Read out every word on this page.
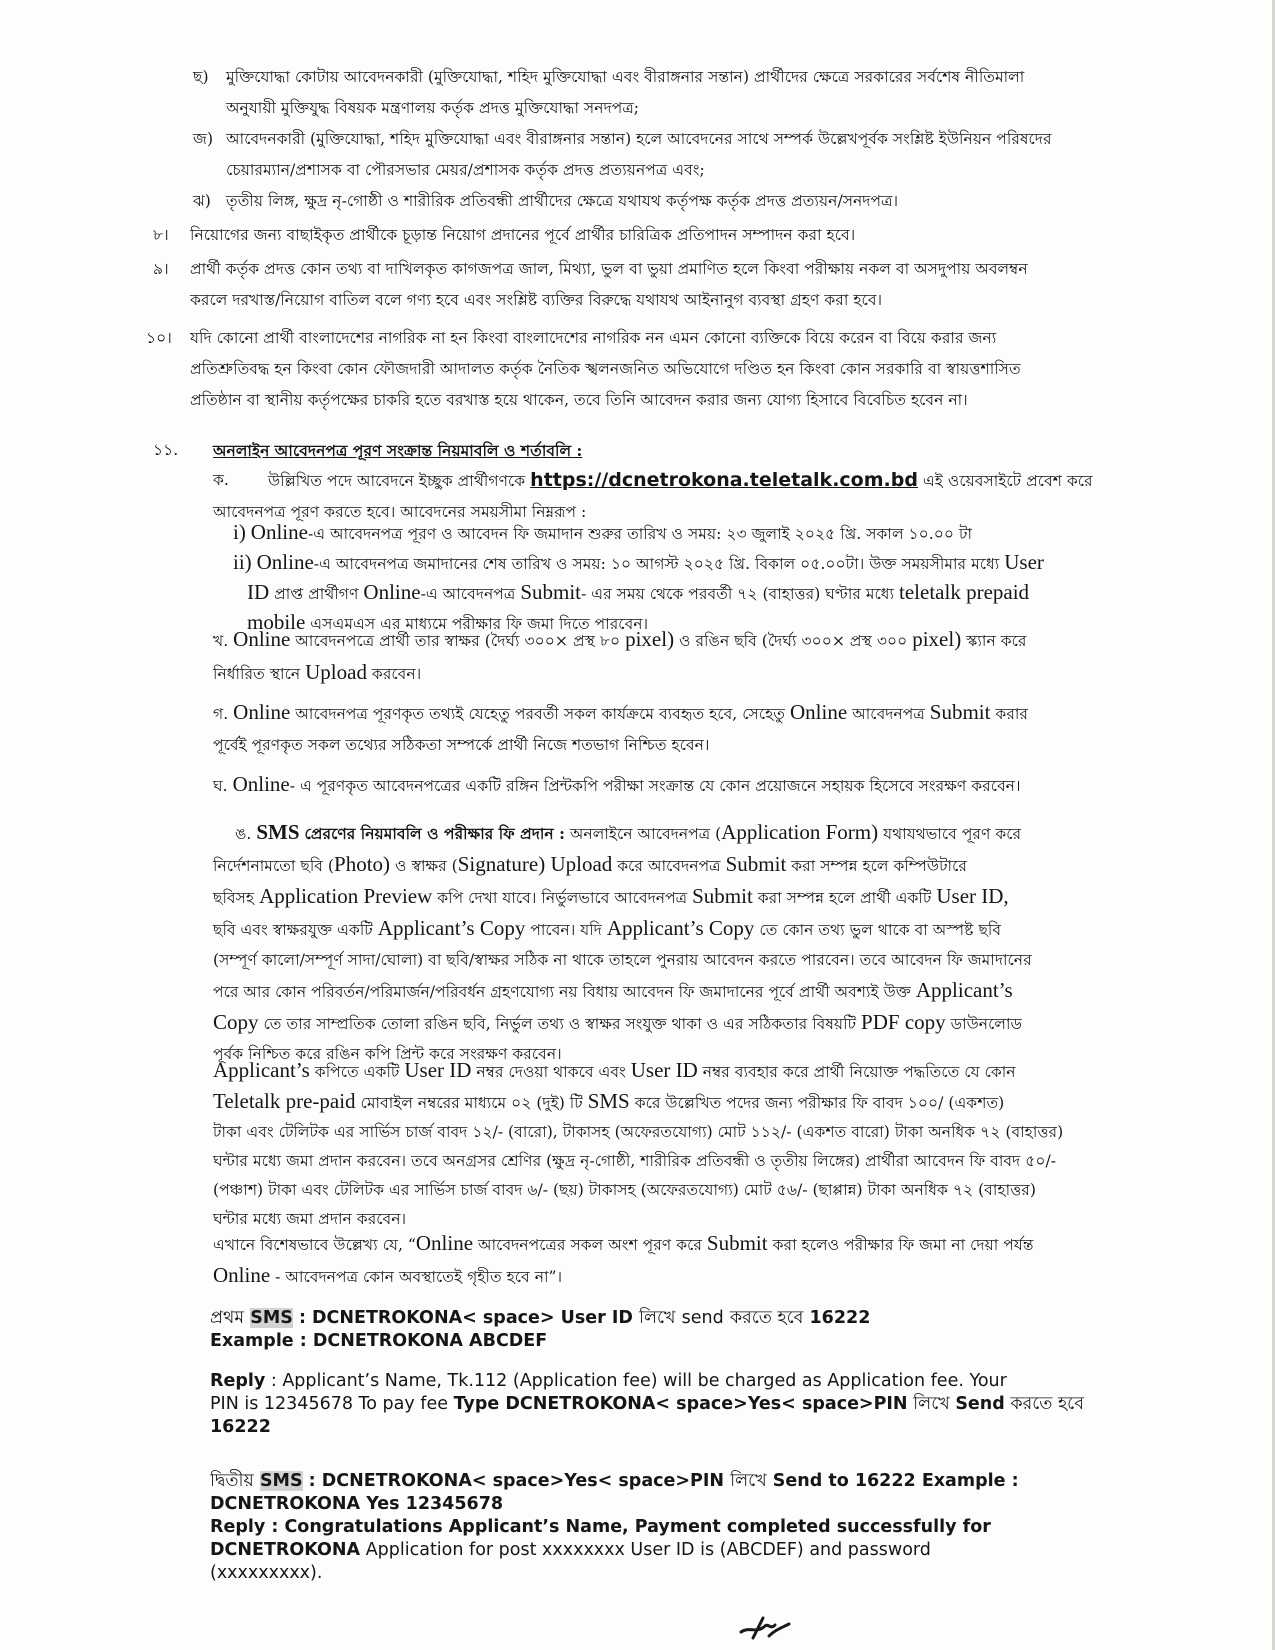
ছ) মুক্তিযোদ্ধা কোটায় আবেদনকারী (মুক্তিযোদ্ধা, শহিদ মুক্তিযোদ্ধা এবং বীরাঙ্গনার সন্তান) প্রার্থীদের ক্ষেত্রে সরকারের সর্বশেষ নীতিমালা
অনুযায়ী মুক্তিযুদ্ধ বিষয়ক মন্ত্রণালয় কর্তৃক প্রদত্ত মুক্তিযোদ্ধা সনদপত্র;
জ) আবেদনকারী (মুক্তিযোদ্ধা, শহিদ মুক্তিযোদ্ধা এবং বীরাঙ্গনার সন্তান) হলে আবেদনের সাথে সম্পর্ক উল্লেখপূর্বক সংশ্লিষ্ট ইউনিয়ন পরিষদের
চেয়ারম্যান/প্রশাসক বা পৌরসভার মেয়র/প্রশাসক কর্তৃক প্রদত্ত প্রত্যয়নপত্র এবং;
ঝ) তৃতীয় লিঙ্গ, ক্ষুদ্র নৃ-গোষ্ঠী ও শারীরিক প্রতিবন্ধী প্রার্থীদের ক্ষেত্রে যথাযথ কর্তৃপক্ষ কর্তৃক প্রদত্ত প্রত্যয়ন/সনদপত্র।
৮। নিয়োগের জন্য বাছাইকৃত প্রার্থীকে চূড়ান্ত নিয়োগ প্রদানের পূর্বে প্রার্থীর চারিত্রিক প্রতিপাদন সম্পাদন করা হবে।
৯। প্রার্থী কর্তৃক প্রদত্ত কোন তথ্য বা দাখিলকৃত কাগজপত্র জাল, মিথ্যা, ভুল বা ভুয়া প্রমাণিত হলে কিংবা পরীক্ষায় নকল বা অসদুপায় অবলম্বন
করলে দরখাস্ত/নিয়োগ বাতিল বলে গণ্য হবে এবং সংশ্লিষ্ট ব্যক্তির বিরুদ্ধে যথাযথ আইনানুগ ব্যবস্থা গ্রহণ করা হবে।
১০। যদি কোনো প্রার্থী বাংলাদেশের নাগরিক না হন কিংবা বাংলাদেশের নাগরিক নন এমন কোনো ব্যক্তিকে বিয়ে করেন বা বিয়ে করার জন্য
প্রতিশ্রুতিবদ্ধ হন কিংবা কোন ফৌজদারী আদালত কর্তৃক নৈতিক স্খলনজনিত অভিযোগে দণ্ডিত হন কিংবা কোন সরকারি বা স্বায়ত্তশাসিত
প্রতিষ্ঠান বা স্থানীয় কর্তৃপক্ষের চাকরি হতে বরখাস্ত হয়ে থাকেন, তবে তিনি আবেদন করার জন্য যোগ্য হিসাবে বিবেচিত হবেন না।
১১. অনলাইন আবেদনপত্র পূরণ সংক্রান্ত নিয়মাবলি ও শর্তাবলি :
ক.	উল্লিখিত পদে আবেদনে ইচ্ছুক প্রার্থীগণকে https://dcnetrokona.teletalk.com.bd এই ওয়েবসাইটে প্রবেশ করে
আবেদনপত্র পূরণ করতে হবে। আবেদনের সময়সীমা নিম্নরূপ :
i) Online-এ আবেদনপত্র পূরণ ও আবেদন ফি জমাদান শুরুর তারিখ ও সময়: ২৩ জুলাই ২০২৫ খ্রি. সকাল ১০.০০ টা
ii) Online-এ আবেদনপত্র জমাদানের শেষ তারিখ ও সময়: ১০ আগস্ট ২০২৫ খ্রি. বিকাল ০৫.০০টা। উক্ত সময়সীমার মধ্যে User
ID প্রাপ্ত প্রার্থীগণ Online-এ আবেদনপত্র Submit- এর সময় থেকে পরবর্তী ৭২ (বাহাত্তর) ঘণ্টার মধ্যে teletalk prepaid
mobile এসএমএস এর মাধ্যমে পরীক্ষার ফি জমা দিতে পারবেন।
খ. Online আবেদনপত্রে প্রার্থী তার স্বাক্ষর (দৈর্ঘ্য ৩০০× প্রস্থ ৮০ pixel) ও রঙিন ছবি (দৈর্ঘ্য ৩০০× প্রস্থ ৩০০ pixel) স্ক্যান করে
নির্ধারিত স্থানে Upload করবেন।
গ. Online আবেদনপত্র পূরণকৃত তথ্যই যেহেতু পরবর্তী সকল কার্যক্রমে ব্যবহৃত হবে, সেহেতু Online আবেদনপত্র Submit করার
পূর্বেই পূরণকৃত সকল তথ্যের সঠিকতা সম্পর্কে প্রার্থী নিজে শতভাগ নিশ্চিত হবেন।
ঘ. Online- এ পূরণকৃত আবেদনপত্রের একটি রঙ্গিন প্রিন্টকপি পরীক্ষা সংক্রান্ত যে কোন প্রয়োজনে সহায়ক হিসেবে সংরক্ষণ করবেন।
ঙ. SMS প্রেরণের নিয়মাবলি ও পরীক্ষার ফি প্রদান : অনলাইনে আবেদনপত্র (Application Form) যথাযথভাবে পূরণ করে
নির্দেশনামতো ছবি (Photo) ও স্বাক্ষর (Signature) Upload করে আবেদনপত্র Submit করা সম্পন্ন হলে কম্পিউটারে
ছবিসহ Application Preview কপি দেখা যাবে। নির্ভুলভাবে আবেদনপত্র Submit করা সম্পন্ন হলে প্রার্থী একটি User ID,
ছবি এবং স্বাক্ষরযুক্ত একটি Applicant’s Copy পাবেন। যদি Applicant’s Copy তে কোন তথ্য ভুল থাকে বা অস্পষ্ট ছবি
(সম্পূর্ণ কালো/সম্পূর্ণ সাদা/ঘোলা) বা ছবি/স্বাক্ষর সঠিক না থাকে তাহলে পুনরায় আবেদন করতে পারবেন। তবে আবেদন ফি জমাদানের
পরে আর কোন পরিবর্তন/পরিমার্জন/পরিবর্ধন গ্রহণযোগ্য নয় বিধায় আবেদন ফি জমাদানের পূর্বে প্রার্থী অবশ্যই উক্ত Applicant’s
Copy তে তার সাম্প্রতিক তোলা রঙিন ছবি, নির্ভুল তথ্য ও স্বাক্ষর সংযুক্ত থাকা ও এর সঠিকতার বিষয়টি PDF copy ডাউনলোড
পূর্বক নিশ্চিত করে রঙিন কপি প্রিন্ট করে সংরক্ষণ করবেন।
Applicant’s কপিতে একটি User ID নম্বর দেওয়া থাকবে এবং User ID নম্বর ব্যবহার করে প্রার্থী নিয়োক্ত পদ্ধতিতে যে কোন
Teletalk pre-paid মোবাইল নম্বরের মাধ্যমে ০২ (দুই) টি SMS করে উল্লেখিত পদের জন্য পরীক্ষার ফি বাবদ ১০০/ (একশত)
টাকা এবং টেলিটক এর সার্ভিস চার্জ বাবদ ১২/- (বারো), টাকাসহ (অফেরতযোগ্য) মোট ১১২/- (একশত বারো) টাকা অনধিক ৭২ (বাহাত্তর)
ঘন্টার মধ্যে জমা প্রদান করবেন। তবে অনগ্রসর শ্রেণির (ক্ষুদ্র নৃ-গোষ্ঠী, শারীরিক প্রতিবন্ধী ও তৃতীয় লিঙ্গের) প্রার্থীরা আবেদন ফি বাবদ ৫০/-
(পঞ্চাশ) টাকা এবং টেলিটক এর সার্ভিস চার্জ বাবদ ৬/- (ছয়) টাকাসহ (অফেরতযোগ্য) মোট ৫৬/- (ছাপ্পান্ন) টাকা অনধিক ৭২ (বাহাত্তর)
ঘন্টার মধ্যে জমা প্রদান করবেন।
এখানে বিশেষভাবে উল্লেখ্য যে, “Online আবেদনপত্রের সকল অংশ পূরণ করে Submit করা হলেও পরীক্ষার ফি জমা না দেয়া পর্যন্ত
Online - আবেদনপত্র কোন অবস্থাতেই গৃহীত হবে না”।
প্রথম SMS : DCNETROKONA< space> User ID লিখে send করতে হবে 16222
Example : DCNETROKONA ABCDEF
Reply : Applicant’s Name, Tk.112 (Application fee) will be charged as Application fee. Your
PIN is 12345678 To pay fee Type DCNETROKONA< space>Yes< space>PIN লিখে Send করতে হবে
16222
দ্বিতীয় SMS : DCNETROKONA< space>Yes< space>PIN লিখে Send to 16222 Example :
DCNETROKONA Yes 12345678
Reply : Congratulations Applicant’s Name, Payment completed successfully for
DCNETROKONA Application for post xxxxxxxx User ID is (ABCDEF) and password
(xxxxxxxxx).
